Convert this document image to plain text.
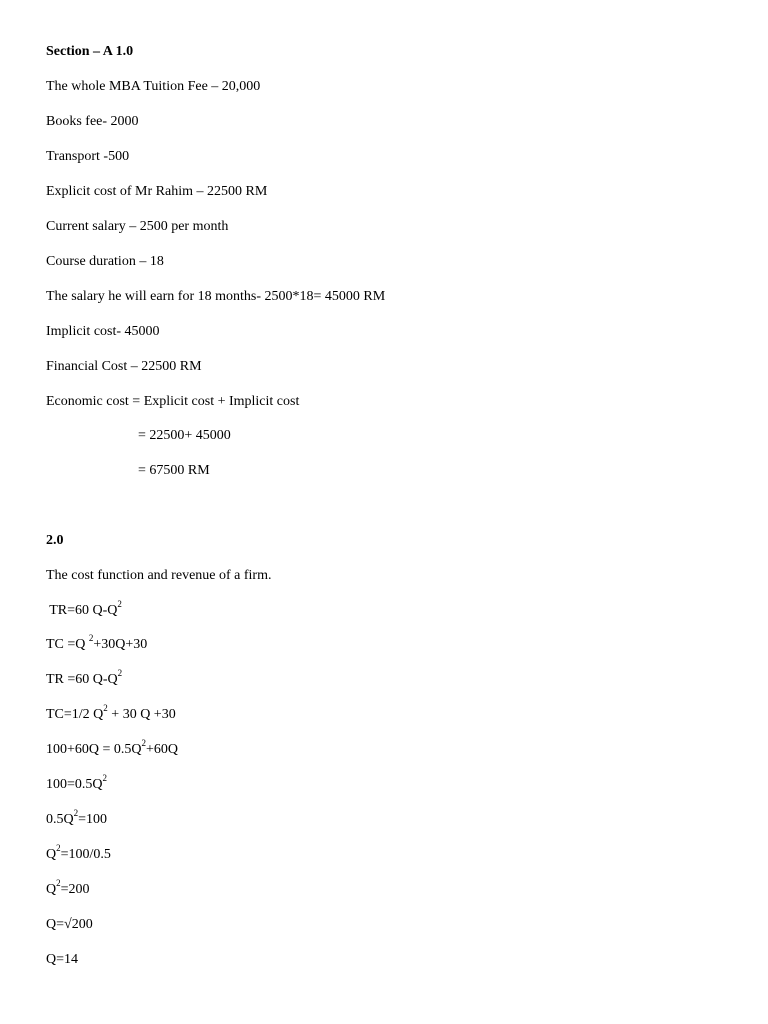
Section – A 1.0
The whole MBA Tuition Fee – 20,000
Books fee- 2000
Transport -500
Explicit cost of Mr Rahim – 22500 RM
Current salary – 2500 per month
Course duration – 18
The salary he will earn for 18 months- 2500*18= 45000 RM
Implicit cost- 45000
Financial Cost – 22500 RM
Economic cost = Explicit cost + Implicit cost
= 22500+ 45000
= 67500 RM
2.0
The cost function and revenue of a firm.
TR=60 $Q-Q^2$
TC =Q $^2$+30Q+30
TR =60 $Q-Q^2$
TC=1/2 $Q^2 + 30$ Q +30
$100+60Q = 0.5Q^2+60Q$
$100=0.5Q^2$
$0.5Q^2=100$
$Q^2=100/0.5$
$Q^2=200$
Q=√200
Q=14
